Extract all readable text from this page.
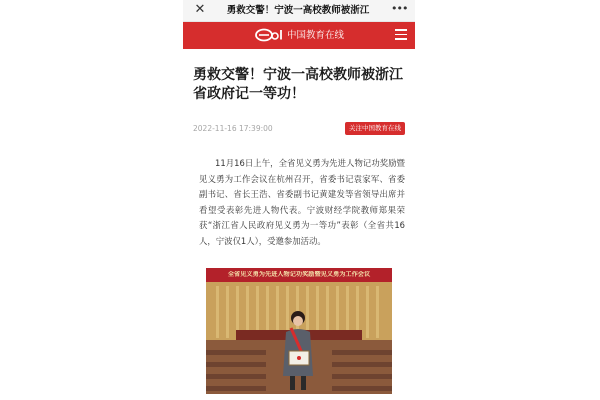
✕	勇救交警！宁波一高校教师被浙江	•••
中国教育在线
勇救交警！宁波一高校教师被浙江省政府记一等功！
2022-11-16 17:39:00	关注中国教育在线

11月16日上午，全省见义勇为先进人物记功奖励暨见义勇为工作会议在杭州召开，省委书记袁家军、省委副书记、省长王浩、省委副书记黄建发等省领导出席并看望受表彰先进人物代表。宁波财经学院教师郑果荣获“浙江省人民政府见义勇为一等功”表彰（全省共16人，宁波仅1人），受邀参加活动。

全省见义勇为先进人物记功奖励暨见义勇为工作会议
